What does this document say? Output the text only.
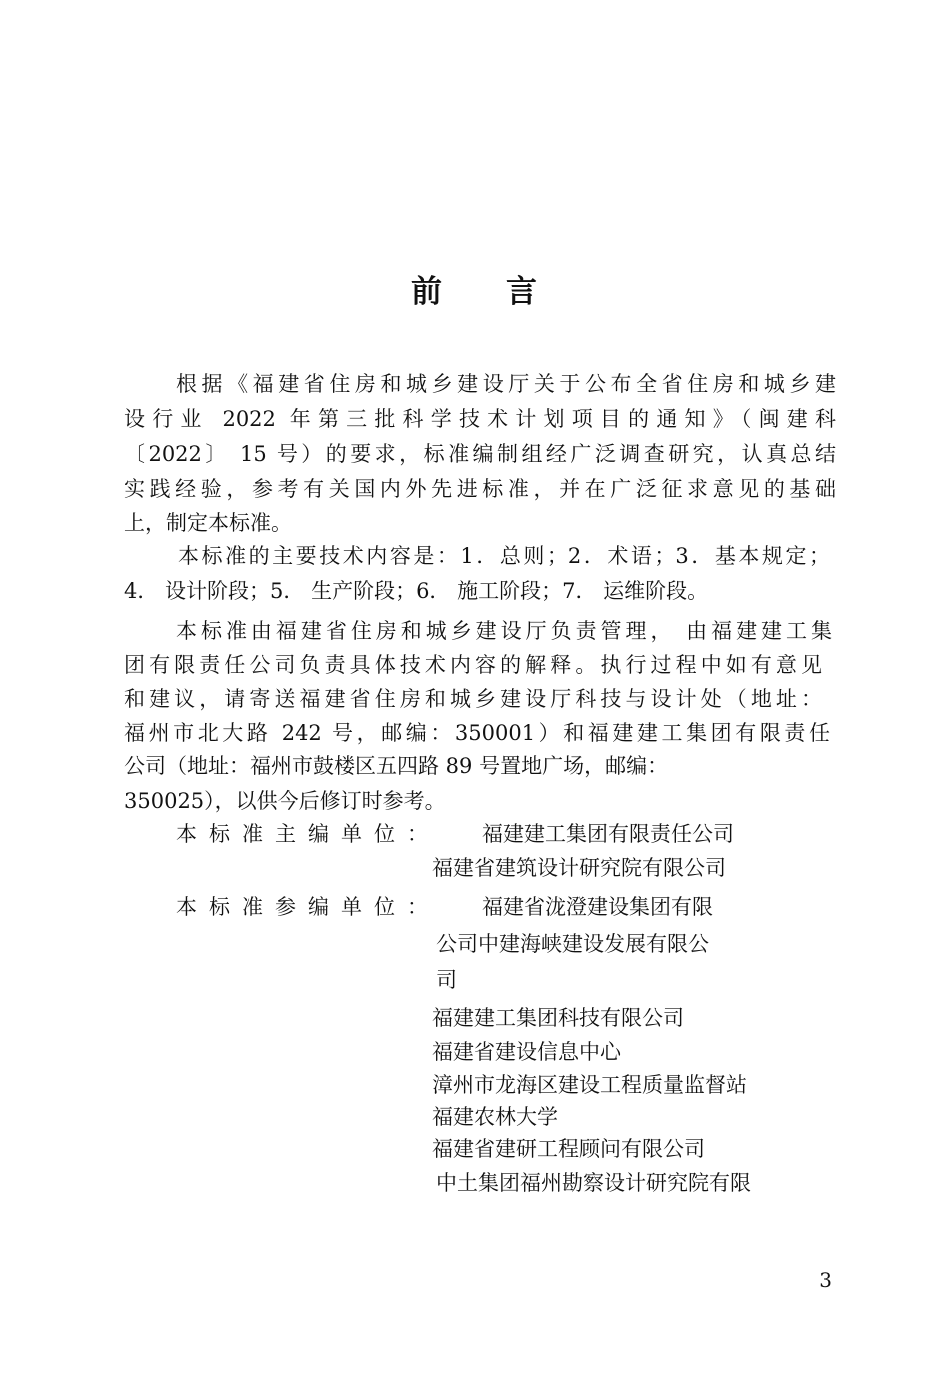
前 言
根据《福建省住房和城乡建设厅关于公布全省住房和城乡建
设行业 2022 年第三批科学技术计划项目的通知》（闽建科
〔2022〕 15 号）的要求，标准编制组经广泛调查研究，认真总结
实践经验，参考有关国内外先进标准，并在广泛征求意见的基础
上，制定本标准。
本标准的主要技术内容是：1．总则；2．术语；3．基本规定；
4． 设计阶段；5． 生产阶段；6． 施工阶段；7． 运维阶段。
本标准由福建省住房和城乡建设厅负责管理， 由福建建工集
团有限责任公司负责具体技术内容的解释。执行过程中如有意见
和建议，请寄送福建省住房和城乡建设厅科技与设计处（地址：
福州市北大路 242 号，邮编：350001）和福建建工集团有限责任
公司（地址：福州市鼓楼区五四路 89 号置地广场，邮编：
350025），以供今后修订时参考。
本标准主编单位：	福建建工集团有限责任公司
福建省建筑设计研究院有限公司
本标准参编单位：	福建省泷澄建设集团有限
公司中建海峡建设发展有限公
司
福建建工集团科技有限公司
福建省建设信息中心
漳州市龙海区建设工程质量监督站
福建农林大学
福建省建研工程顾问有限公司
中土集团福州勘察设计研究院有限
3
